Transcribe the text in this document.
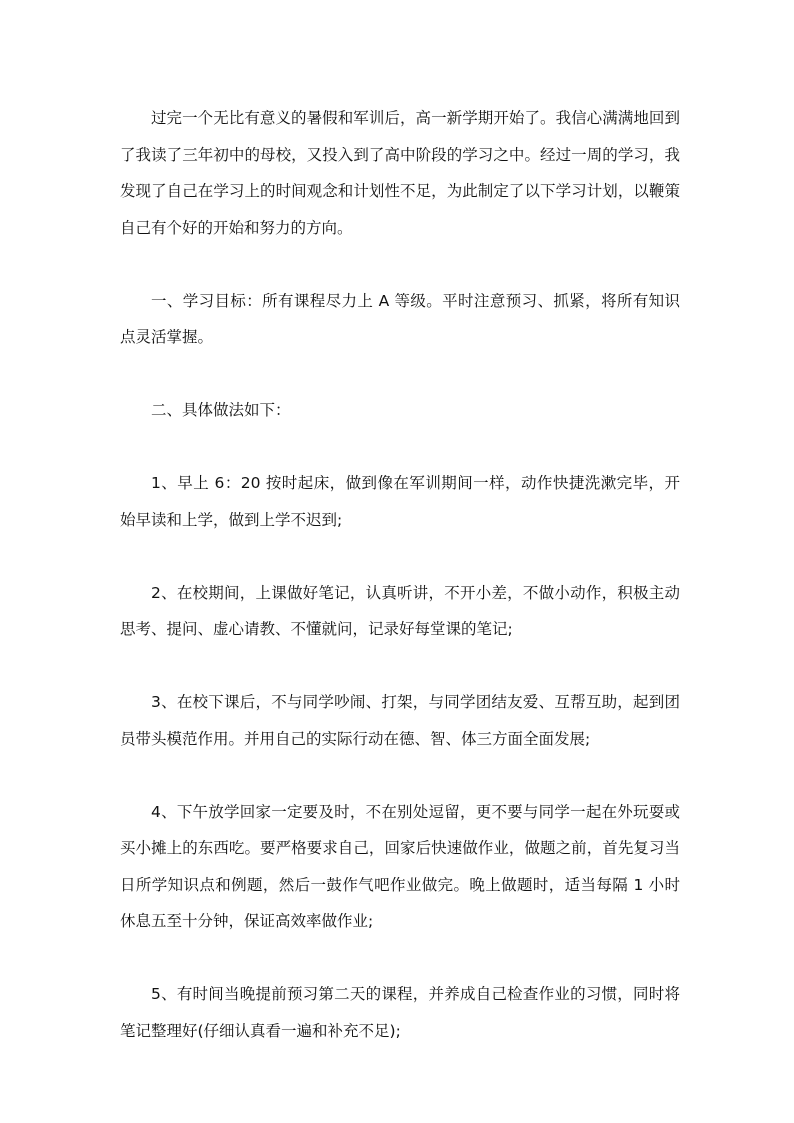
过完一个无比有意义的暑假和军训后，高一新学期开始了。我信心满满地回到了我读了三年初中的母校，又投入到了高中阶段的学习之中。经过一周的学习，我发现了自己在学习上的时间观念和计划性不足，为此制定了以下学习计划，以鞭策自己有个好的开始和努力的方向。

一、学习目标：所有课程尽力上 A 等级。平时注意预习、抓紧，将所有知识点灵活掌握。

二、具体做法如下：

1、早上 6：20 按时起床，做到像在军训期间一样，动作快捷洗漱完毕，开始早读和上学，做到上学不迟到;

2、在校期间，上课做好笔记，认真听讲，不开小差，不做小动作，积极主动思考、提问、虚心请教、不懂就问，记录好每堂课的笔记;

3、在校下课后，不与同学吵闹、打架，与同学团结友爱、互帮互助，起到团员带头模范作用。并用自己的实际行动在德、智、体三方面全面发展;

4、下午放学回家一定要及时，不在别处逗留，更不要与同学一起在外玩耍或买小摊上的东西吃。要严格要求自己，回家后快速做作业，做题之前，首先复习当日所学知识点和例题，然后一鼓作气吧作业做完。晚上做题时，适当每隔 1 小时休息五至十分钟，保证高效率做作业;

5、有时间当晚提前预习第二天的课程，并养成自己检查作业的习惯，同时将笔记整理好(仔细认真看一遍和补充不足);
